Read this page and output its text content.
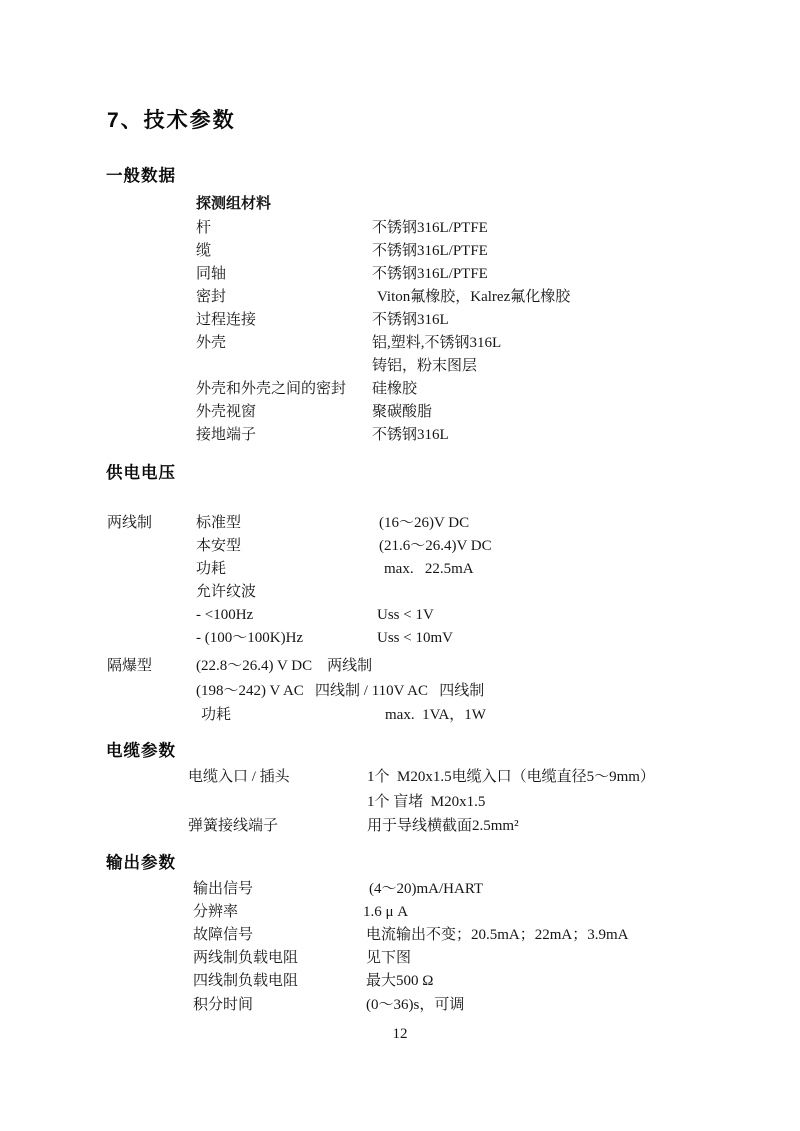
7、技术参数
一般数据
探测组材料
杆	不锈钢316L/PTFE
缆	不锈钢316L/PTFE
同轴	不锈钢316L/PTFE
密封	Viton氟橡胶，Kalrez氟化橡胶
过程连接	不锈钢316L
外壳	铝,塑料,不锈钢316L
铸铝，粉末图层
外壳和外壳之间的密封 硅橡胶
外壳视窗	聚碳酸脂
接地端子	不锈钢316L
供电电压
两线制	标准型	(16～26)V DC
本安型	(21.6～26.4)V DC
功耗	max.   22.5mA
允许纹波
- <100Hz	Uss < 1V
- (100～100K)Hz	Uss < 10mV
隔爆型	(22.8～26.4) V DC    两线制
(198～242) V AC   四线制 / 110V AC   四线制
功耗	max.  1VA，1W
电缆参数
电缆入口 / 插头	1个  M20x1.5电缆入口（电缆直径5～9mm）
1个 盲堵  M20x1.5
弹簧接线端子	用于导线横截面2.5mm²
输出参数
输出信号	(4～20)mA/HART
分辨率	1.6 μ A
故障信号	电流输出不变；20.5mA；22mA；3.9mA
两线制负载电阻	见下图
四线制负载电阻	最大500 Ω
积分时间	(0～36)s，可调
12
